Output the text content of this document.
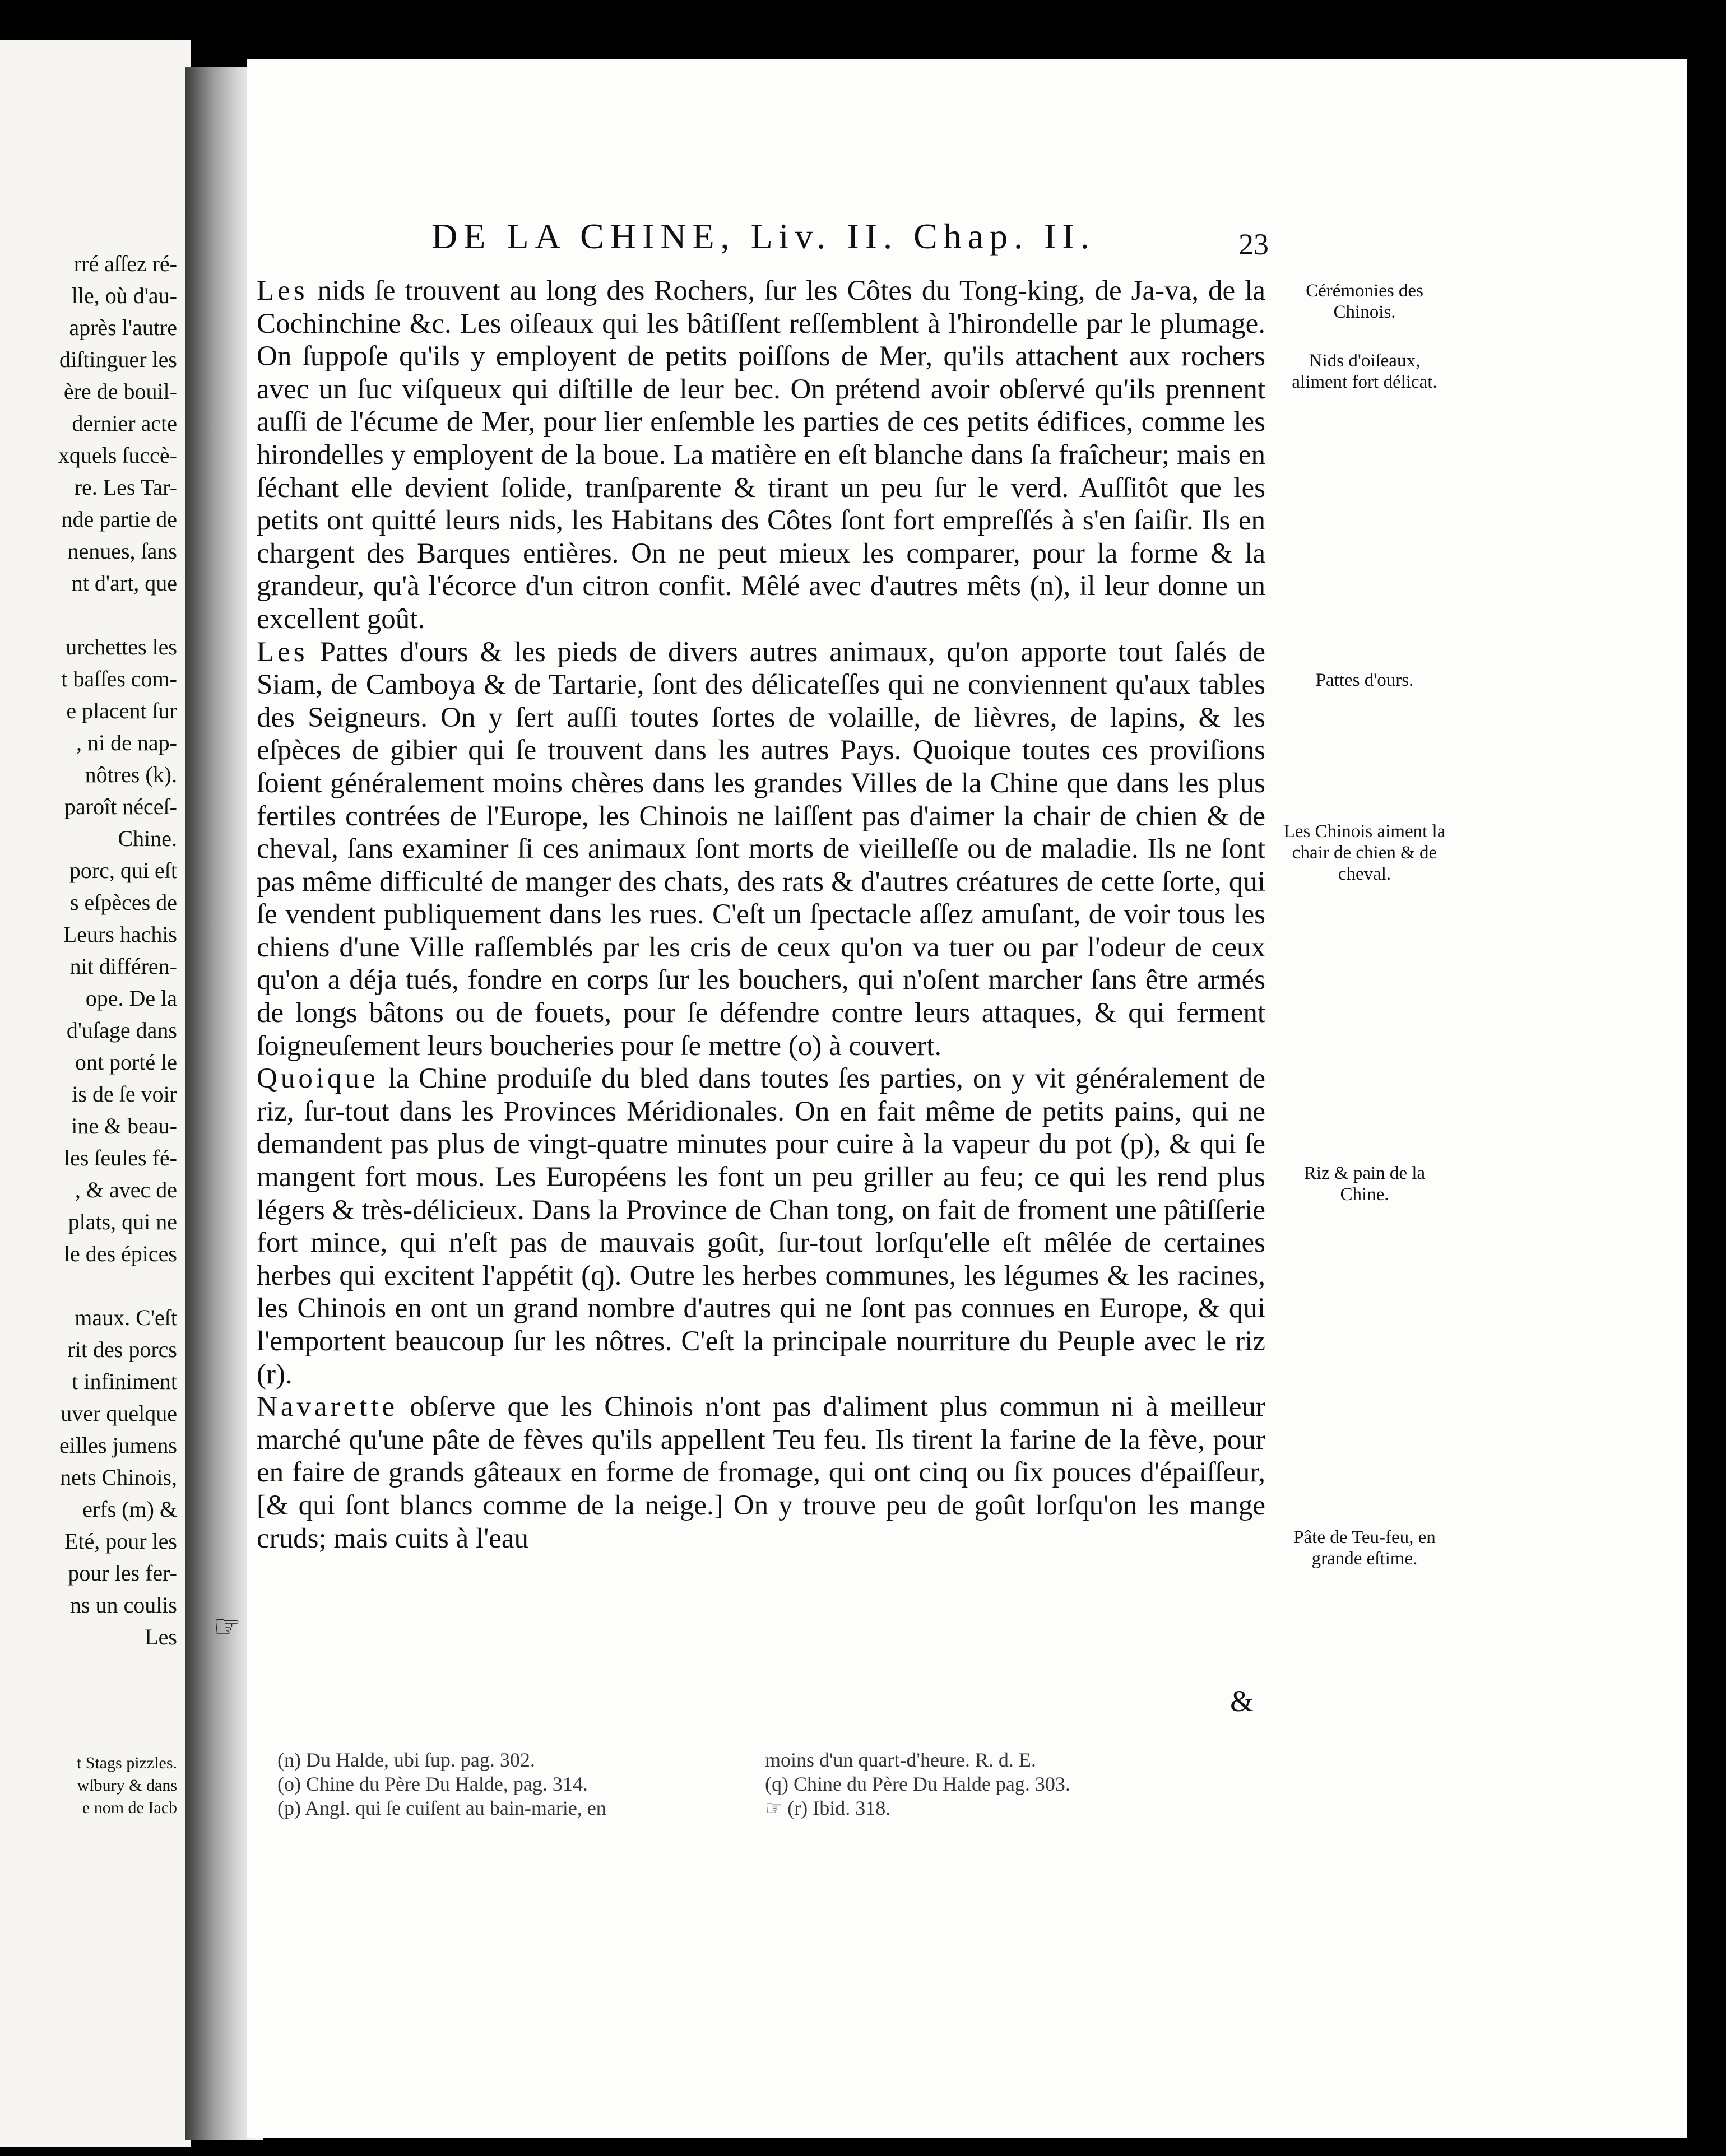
rré aſſez ré-
lle, où d'au-
après l'autre
diſtinguer les
ère de bouil-
dernier acte
xquels ſuccè-
re. Les Tar-
nde partie de
nenues, ſans
nt d'art, que
urchettes les
t baſſes com-
e placent ſur
, ni de nap-
nôtres (k).
paroît néceſ-
Chine.
porc, qui eſt
s eſpèces de
Leurs hachis
nit différen-
ope. De la
d'uſage dans
ont porté le
is de ſe voir
ine & beau-
les ſeules fé-
, & avec de
plats, qui ne
le des épices
maux. C'eſt
rit des porcs
t infiniment
uver quelque
eilles jumens
nets Chinois,
erfs (m) &
Eté, pour les
pour les fer-
ns un coulis
Les
t Stags pizzles.
wſbury & dans
e nom de Iacb
DE LA CHINE, Liv. II. Chap. II.	23

Les nids ſe trouvent au long des Rochers, ſur les Côtes du Tong-king, de Ja-va, de la Cochinchine &c. Les oiſeaux qui les bâtiſſent reſſemblent à l'hirondelle par le plumage. On ſuppoſe qu'ils y employent de petits poiſſons de Mer, qu'ils attachent aux rochers avec un ſuc viſqueux qui diſtille de leur bec. On prétend avoir obſervé qu'ils prennent auſſi de l'écume de Mer, pour lier enſemble les parties de ces petits édifices, comme les hirondelles y employent de la boue. La matière en eſt blanche dans ſa fraîcheur; mais en ſéchant elle devient ſolide, tranſparente & tirant un peu ſur le verd. Auſſitôt que les petits ont quitté leurs nids, les Habitans des Côtes ſont fort empreſſés à s'en ſaiſir. Ils en chargent des Barques entières. On ne peut mieux les comparer, pour la forme & la grandeur, qu'à l'écorce d'un citron confit. Mêlé avec d'autres mêts (n), il leur donne un excellent goût.

Les Pattes d'ours & les pieds de divers autres animaux, qu'on apporte tout ſalés de Siam, de Camboya & de Tartarie, ſont des délicateſſes qui ne conviennent qu'aux tables des Seigneurs. On y ſert auſſi toutes ſortes de volaille, de lièvres, de lapins, & les eſpèces de gibier qui ſe trouvent dans les autres Pays. Quoique toutes ces proviſions ſoient généralement moins chères dans les grandes Villes de la Chine que dans les plus fertiles contrées de l'Europe, les Chinois ne laiſſent pas d'aimer la chair de chien & de cheval, ſans examiner ſi ces animaux ſont morts de vieilleſſe ou de maladie. Ils ne ſont pas même difficulté de manger des chats, des rats & d'autres créatures de cette ſorte, qui ſe vendent publiquement dans les rues. C'eſt un ſpectacle aſſez amuſant, de voir tous les chiens d'une Ville raſſemblés par les cris de ceux qu'on va tuer ou par l'odeur de ceux qu'on a déja tués, fondre en corps ſur les bouchers, qui n'oſent marcher ſans être armés de longs bâtons ou de fouets, pour ſe défendre contre leurs attaques, & qui ferment ſoigneuſement leurs boucheries pour ſe mettre (o) à couvert.

Quoique la Chine produiſe du bled dans toutes ſes parties, on y vit généralement de riz, ſur-tout dans les Provinces Méridionales. On en fait même de petits pains, qui ne demandent pas plus de vingt-quatre minutes pour cuire à la vapeur du pot (p), & qui ſe mangent fort mous. Les Européens les font un peu griller au feu; ce qui les rend plus légers & très-délicieux. Dans la Province de Chan tong, on fait de froment une pâtiſſerie fort mince, qui n'eſt pas de mauvais goût, ſur-tout lorſqu'elle eſt mêlée de certaines herbes qui excitent l'appétit (q). Outre les herbes communes, les légumes & les racines, les Chinois en ont un grand nombre d'autres qui ne ſont pas connues en Europe, & qui l'emportent beaucoup ſur les nôtres. C'eſt la principale nourriture du Peuple avec le riz (r).

Navarette obſerve que les Chinois n'ont pas d'aliment plus commun ni à meilleur marché qu'une pâte de fèves qu'ils appellent Teu feu. Ils tirent la farine de la fève, pour en faire de grands gâteaux en forme de fromage, qui ont cinq ou ſix pouces d'épaiſſeur, [& qui ſont blancs comme de la neige.] On y trouve peu de goût lorſqu'on les mange cruds; mais cuits à l'eau

☞
&
Cérémonies des Chinois.
Nids d'oiſeaux, aliment fort délicat.
Pattes d'ours.
Les Chinois aiment la chair de chien & de cheval.
Riz & pain de la Chine.
Pâte de Teu-feu, en grande eſtime.
(n) Du Halde, ubi ſup. pag. 302.
(o) Chine du Père Du Halde, pag. 314.
(p) Angl. qui ſe cuiſent au bain-marie, en
moins d'un quart-d'heure. R. d. E.
(q) Chine du Père Du Halde pag. 303.
☞ (r) Ibid. 318.
